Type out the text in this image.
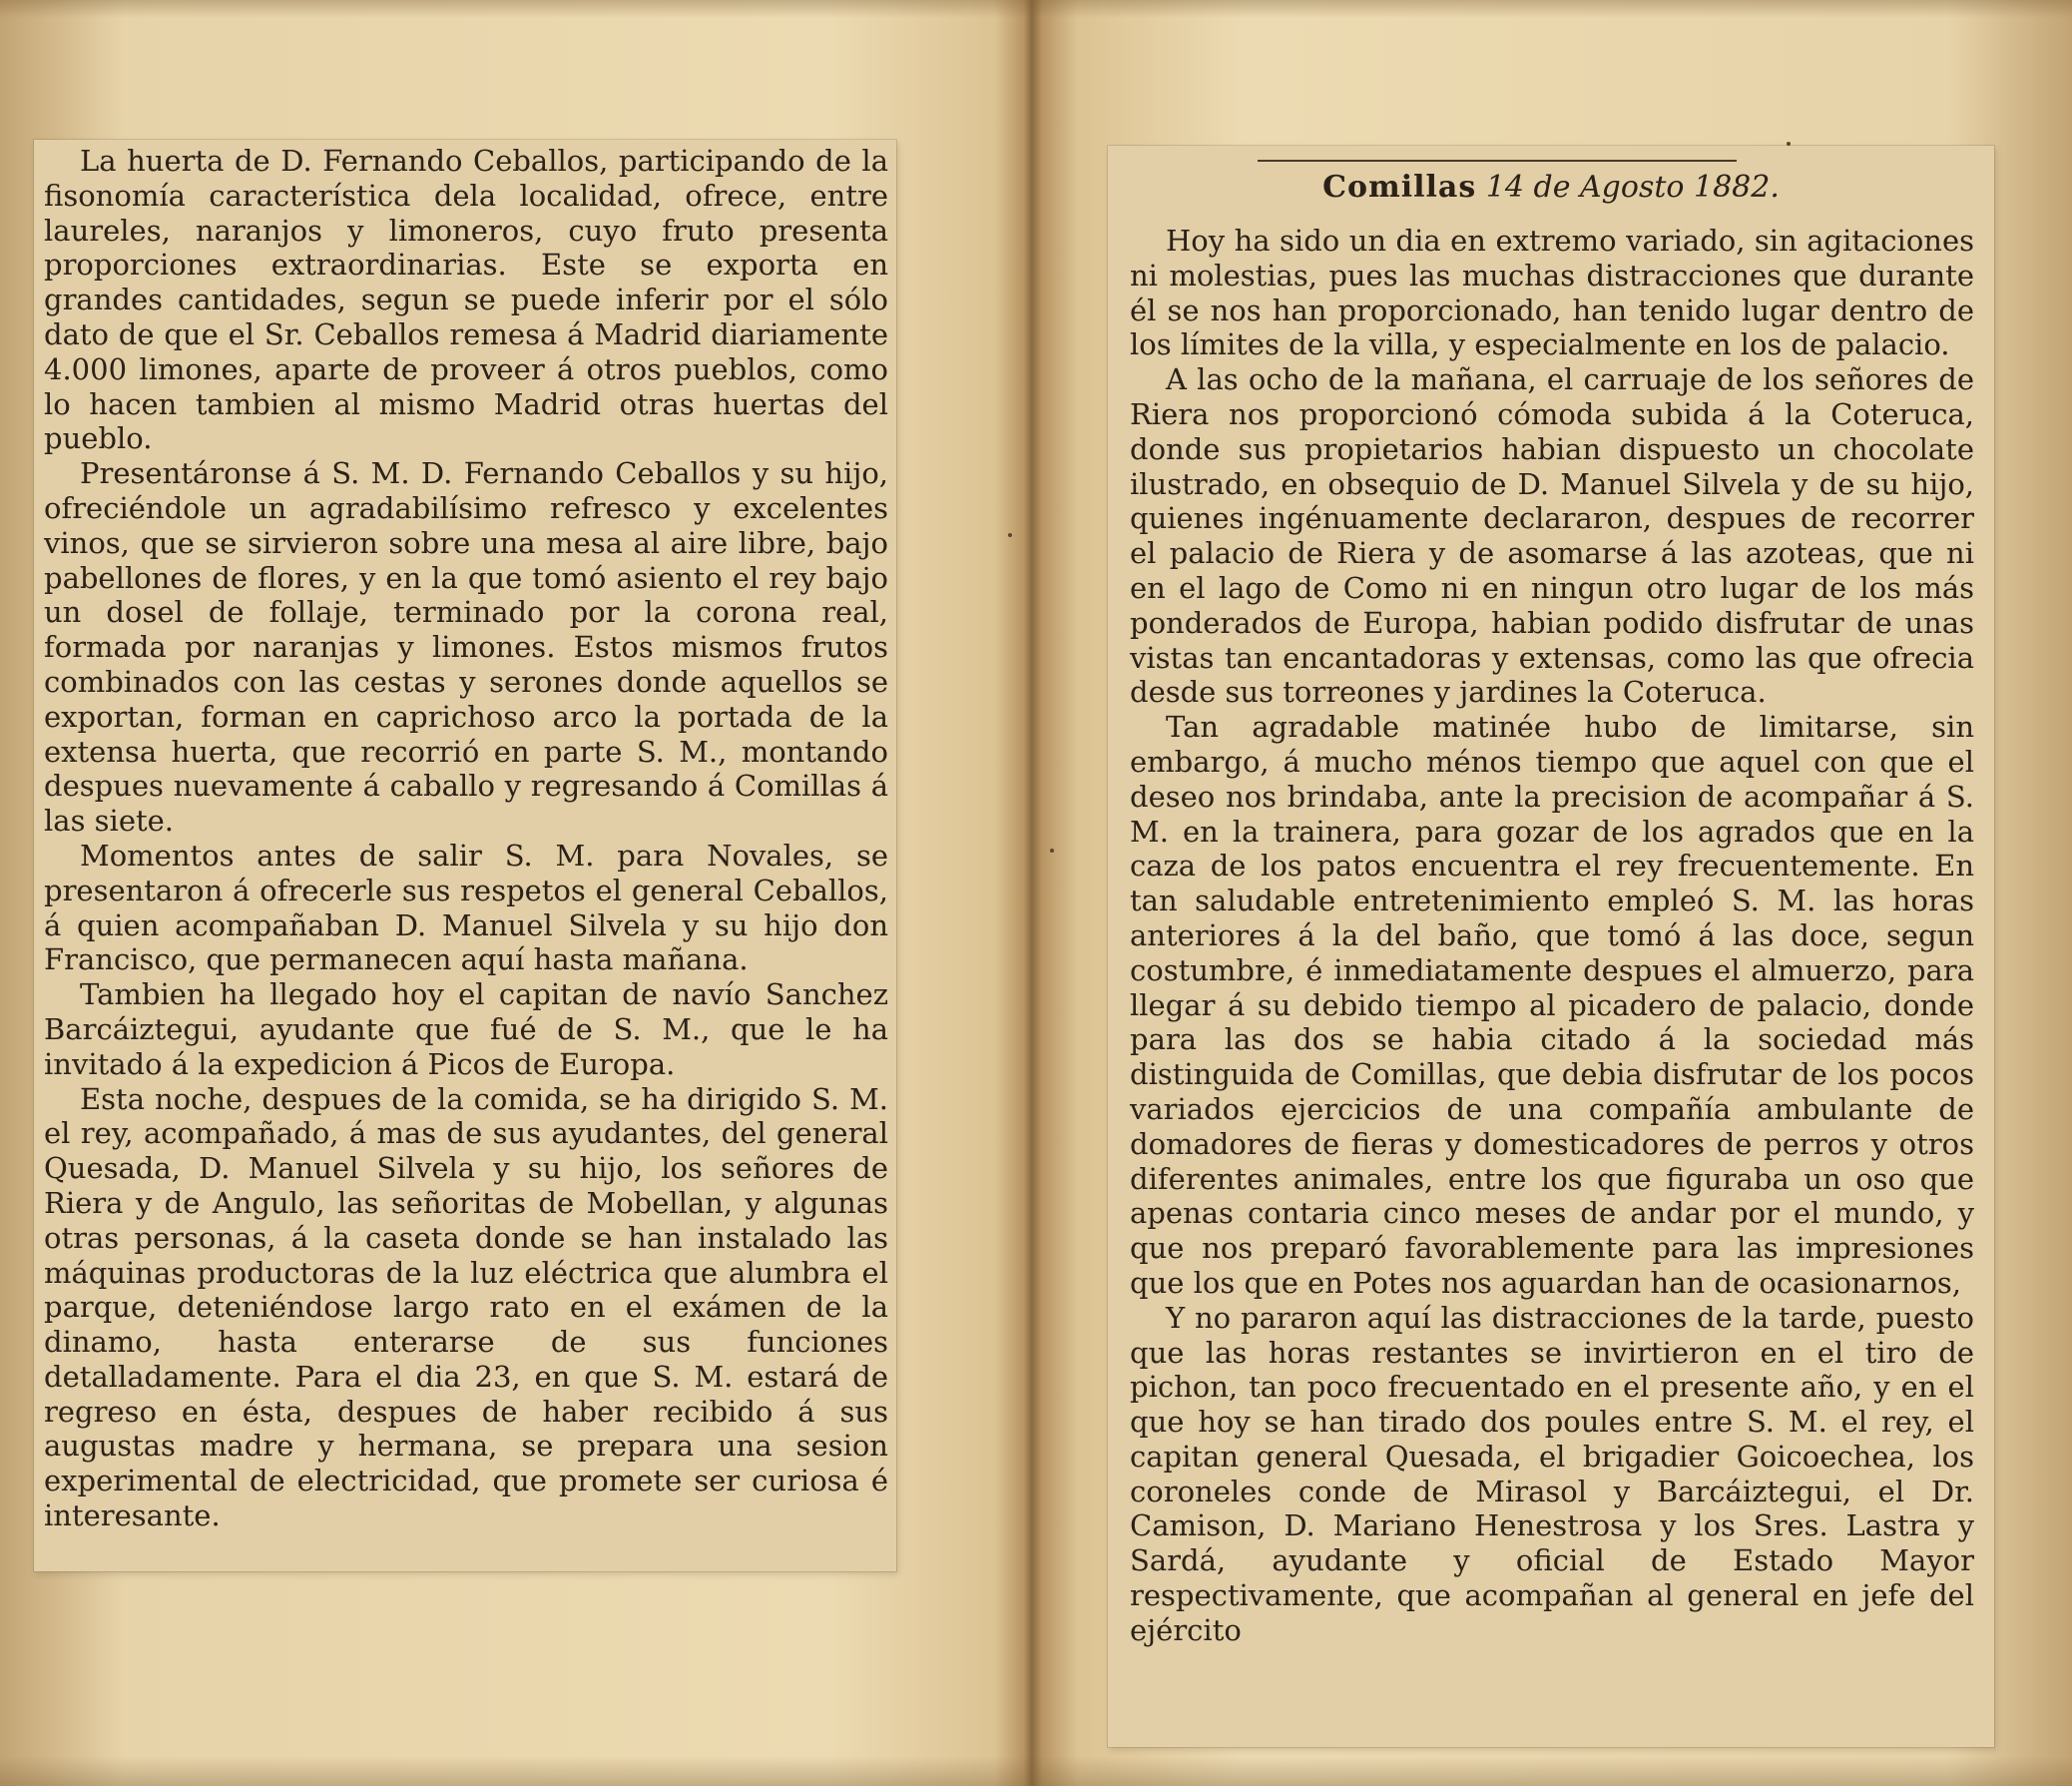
La huerta de D. Fernando Ceballos, participando de la fisonomía característica dela localidad, ofrece, entre laureles, naranjos y limoneros, cuyo fruto presenta proporciones extraordinarias. Este se exporta en grandes cantidades, segun se puede inferir por el sólo dato de que el Sr. Ceballos remesa á Madrid diariamente 4.000 limones, aparte de proveer á otros pueblos, como lo hacen tambien al mismo Madrid otras huertas del pueblo.

Presentáronse á S. M. D. Fernando Ceballos y su hijo, ofreciéndole un agradabilísimo refresco y excelentes vinos, que se sirvieron sobre una mesa al aire libre, bajo pabellones de flores, y en la que tomó asiento el rey bajo un dosel de follaje, terminado por la corona real, formada por naranjas y limones. Estos mismos frutos combinados con las cestas y serones donde aquellos se exportan, forman en caprichoso arco la portada de la extensa huerta, que recorrió en parte S. M., montando despues nuevamente á caballo y regresando á Comillas á las siete.

Momentos antes de salir S. M. para Novales, se presentaron á ofrecerle sus respetos el general Ceballos, á quien acompañaban D. Manuel Silvela y su hijo don Francisco, que permanecen aquí hasta mañana.

Tambien ha llegado hoy el capitan de navío Sanchez Barcáiztegui, ayudante que fué de S. M., que le ha invitado á la expedicion á Picos de Europa.

Esta noche, despues de la comida, se ha dirigido S. M. el rey, acompañado, á mas de sus ayudantes, del general Quesada, D. Manuel Silvela y su hijo, los señores de Riera y de Angulo, las señoritas de Mobellan, y algunas otras personas, á la caseta donde se han instalado las máquinas productoras de la luz eléctrica que alumbra el parque, deteniéndose largo rato en el exámen de la dinamo, hasta enterarse de sus funciones detalladamente. Para el dia 23, en que S. M. estará de regreso en ésta, despues de haber recibido á sus augustas madre y hermana, se prepara una sesion experimental de electricidad, que promete ser curiosa é interesante.

Comillas 14 de Agosto 1882.

Hoy ha sido un dia en extremo variado, sin agitaciones ni molestias, pues las muchas distracciones que durante él se nos han proporcionado, han tenido lugar dentro de los límites de la villa, y especialmente en los de palacio.

A las ocho de la mañana, el carruaje de los señores de Riera nos proporcionó cómoda subida á la Coteruca, donde sus propietarios habian dispuesto un chocolate ilustrado, en obsequio de D. Manuel Silvela y de su hijo, quienes ingénuamente declararon, despues de recorrer el palacio de Riera y de asomarse á las azoteas, que ni en el lago de Como ni en ningun otro lugar de los más ponderados de Europa, habian podido disfrutar de unas vistas tan encantadoras y extensas, como las que ofrecia desde sus torreones y jardines la Coteruca.

Tan agradable matinée hubo de limitarse, sin embargo, á mucho ménos tiempo que aquel con que el deseo nos brindaba, ante la precision de acompañar á S. M. en la trainera, para gozar de los agrados que en la caza de los patos encuentra el rey frecuentemente. En tan saludable entretenimiento empleó S. M. las horas anteriores á la del baño, que tomó á las doce, segun costumbre, é inmediatamente despues el almuerzo, para llegar á su debido tiempo al picadero de palacio, donde para las dos se habia citado á la sociedad más distinguida de Comillas, que debia disfrutar de los pocos variados ejercicios de una compañía ambulante de domadores de fieras y domesticadores de perros y otros diferentes animales, entre los que figuraba un oso que apenas contaria cinco meses de andar por el mundo, y que nos preparó favorablemente para las impresiones que los que en Potes nos aguardan han de ocasionarnos,

Y no pararon aquí las distracciones de la tarde, puesto que las horas restantes se invirtieron en el tiro de pichon, tan poco frecuentado en el presente año, y en el que hoy se han tirado dos poules entre S. M. el rey, el capitan general Quesada, el brigadier Goicoechea, los coroneles conde de Mirasol y Barcáiztegui, el Dr. Camison, D. Mariano Henestrosa y los Sres. Lastra y Sardá, ayudante y oficial de Estado Mayor respectivamente, que acompañan al general en jefe del ejército
